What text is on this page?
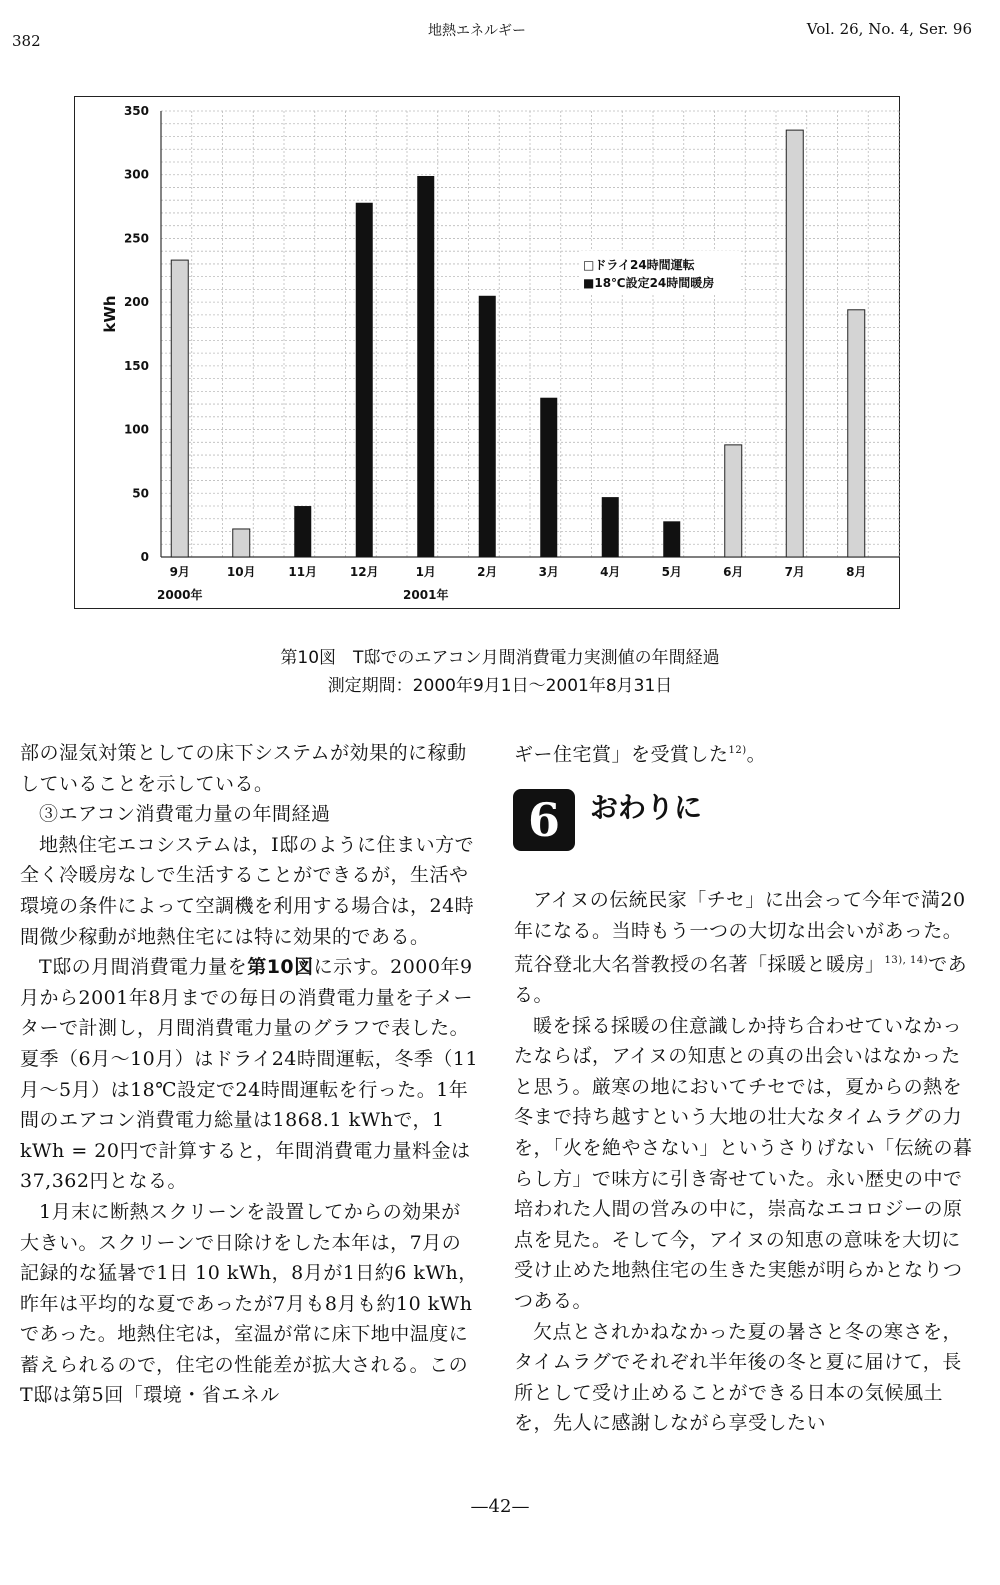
382
地熱エネルギー	Vol. 26, No. 4, Ser. 96
0
50
100
150
200
250
300
350
kWh
9月	10月	11月	12月	1月	2月	3月	4月	5月	6月	7月	8月
2000年	2001年
□ドライ24時間運転
■18℃設定24時間暖房
第10図　T邸でのエアコン月間消費電力実測値の年間経過
測定期間：2000年9月1日～2001年8月31日

部の湿気対策としての床下システムが効果的に稼動していることを示している。

③エアコン消費電力量の年間経過

地熱住宅エコシステムは，I邸のように住まい方で全く冷暖房なしで生活することができるが，生活や環境の条件によって空調機を利用する場合は，24時間微少稼動が地熱住宅には特に効果的である。

T邸の月間消費電力量を第10図に示す。2000年9月から2001年8月までの毎日の消費電力量を子メーターで計測し，月間消費電力量のグラフで表した。夏季（6月～10月）はドライ24時間運転，冬季（11月～5月）は18℃設定で24時間運転を行った。1年間のエアコン消費電力総量は1868.1 kWhで，1 kWh = 20円で計算すると，年間消費電力量料金は37,362円となる。

1月末に断熱スクリーンを設置してからの効果が大きい。スクリーンで日除けをした本年は，7月の記録的な猛暑で1日 10 kWh，8月が1日約6 kWh，昨年は平均的な夏であったが7月も8月も約10 kWhであった。地熱住宅は，室温が常に床下地中温度に蓄えられるので，住宅の性能差が拡大される。このT邸は第5回「環境・省エネル

ギー住宅賞」を受賞した$^{12)}$。

6	おわりに

アイヌの伝統民家「チセ」に出会って今年で満20年になる。当時もう一つの大切な出会いがあった。荒谷登北大名誉教授の名著「採暖と暖房」$^{13), 14)}$である。

暖を採る採暖の住意識しか持ち合わせていなかったならば，アイヌの知恵との真の出会いはなかったと思う。厳寒の地においてチセでは，夏からの熱を冬まで持ち越すという大地の壮大なタイムラグの力を，「火を絶やさない」というさりげない「伝統の暮らし方」で味方に引き寄せていた。永い歴史の中で培われた人間の営みの中に，崇高なエコロジーの原点を見た。そして今，アイヌの知恵の意味を大切に受け止めた地熱住宅の生きた実態が明らかとなりつつある。

欠点とされかねなかった夏の暑さと冬の寒さを，タイムラグでそれぞれ半年後の冬と夏に届けて，長所として受け止めることができる日本の気候風土を，先人に感謝しながら享受したい

—42—
